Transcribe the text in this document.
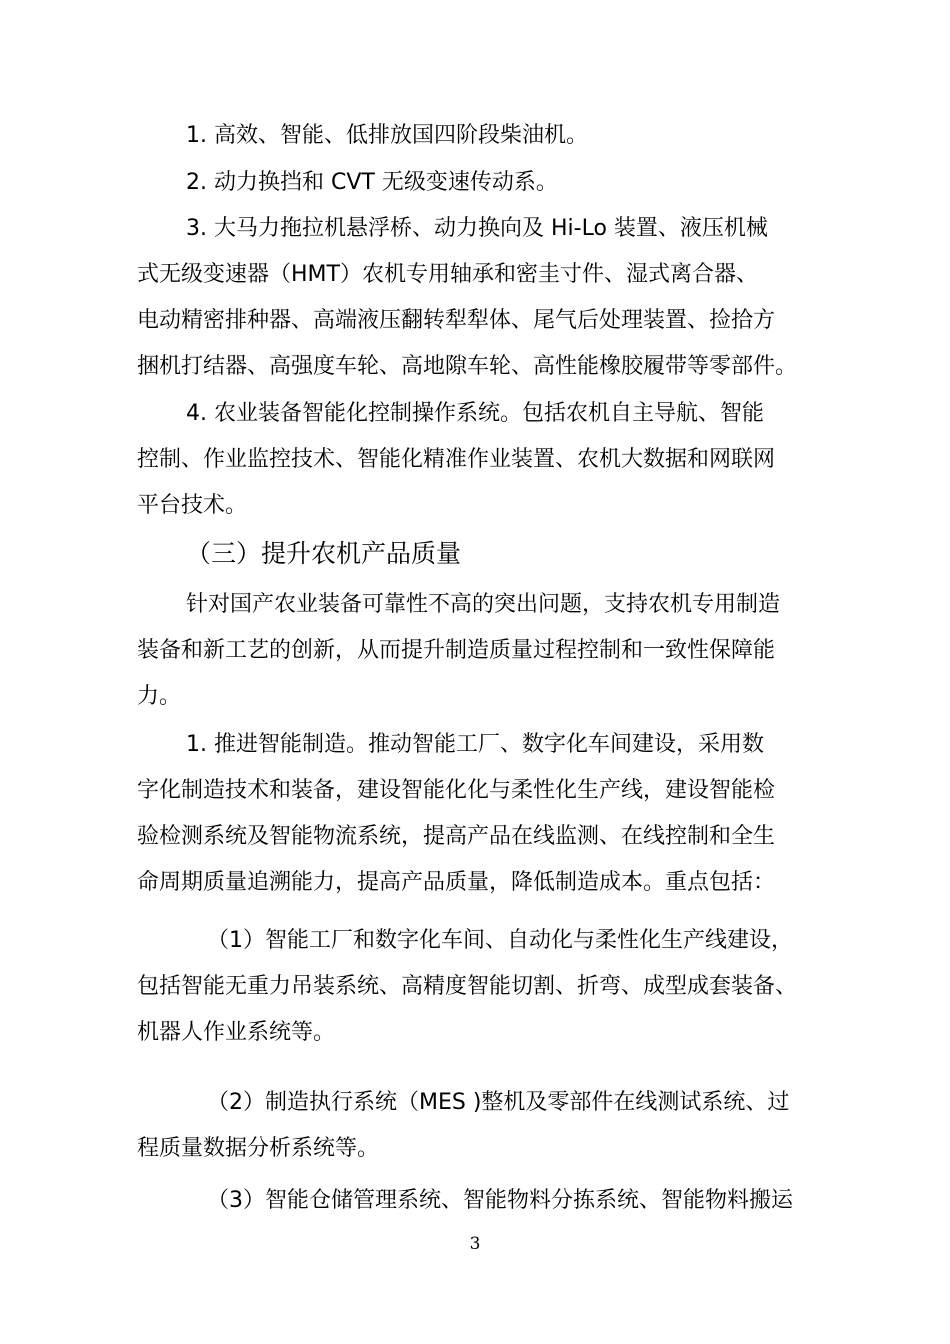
1. 高效、智能、低排放国四阶段柴油机。
2. 动力换挡和 CVT 无级变速传动系。
3. 大马力拖拉机悬浮桥、动力换向及 Hi-Lo 装置、液压机械
式无级变速器（HMT）农机专用轴承和密圭寸件、湿式离合器、
电动精密排种器、高端液压翻转犁犁体、尾气后处理装置、捡拾方
捆机打结器、高强度车轮、高地隙车轮、高性能橡胶履带等零部件。
4. 农业装备智能化控制操作系统。包括农机自主导航、智能
控制、作业监控技术、智能化精准作业装置、农机大数据和网联网
平台技术。
（三）提升农机产品质量
针对国产农业装备可靠性不高的突出问题，支持农机专用制造
装备和新工艺的创新，从而提升制造质量过程控制和一致性保障能
力。
1. 推进智能制造。推动智能工厂、数字化车间建设，采用数
字化制造技术和装备，建设智能化化与柔性化生产线，建设智能检
验检测系统及智能物流系统，提高产品在线监测、在线控制和全生
命周期质量追溯能力，提高产品质量，降低制造成本。重点包括：
（1）智能工厂和数字化车间、自动化与柔性化生产线建设，
包括智能无重力吊装系统、高精度智能切割、折弯、成型成套装备、
机器人作业系统等。
（2）制造执行系统（MES )整机及零部件在线测试系统、过
程质量数据分析系统等。
（3）智能仓储管理系统、智能物料分拣系统、智能物料搬运
3
